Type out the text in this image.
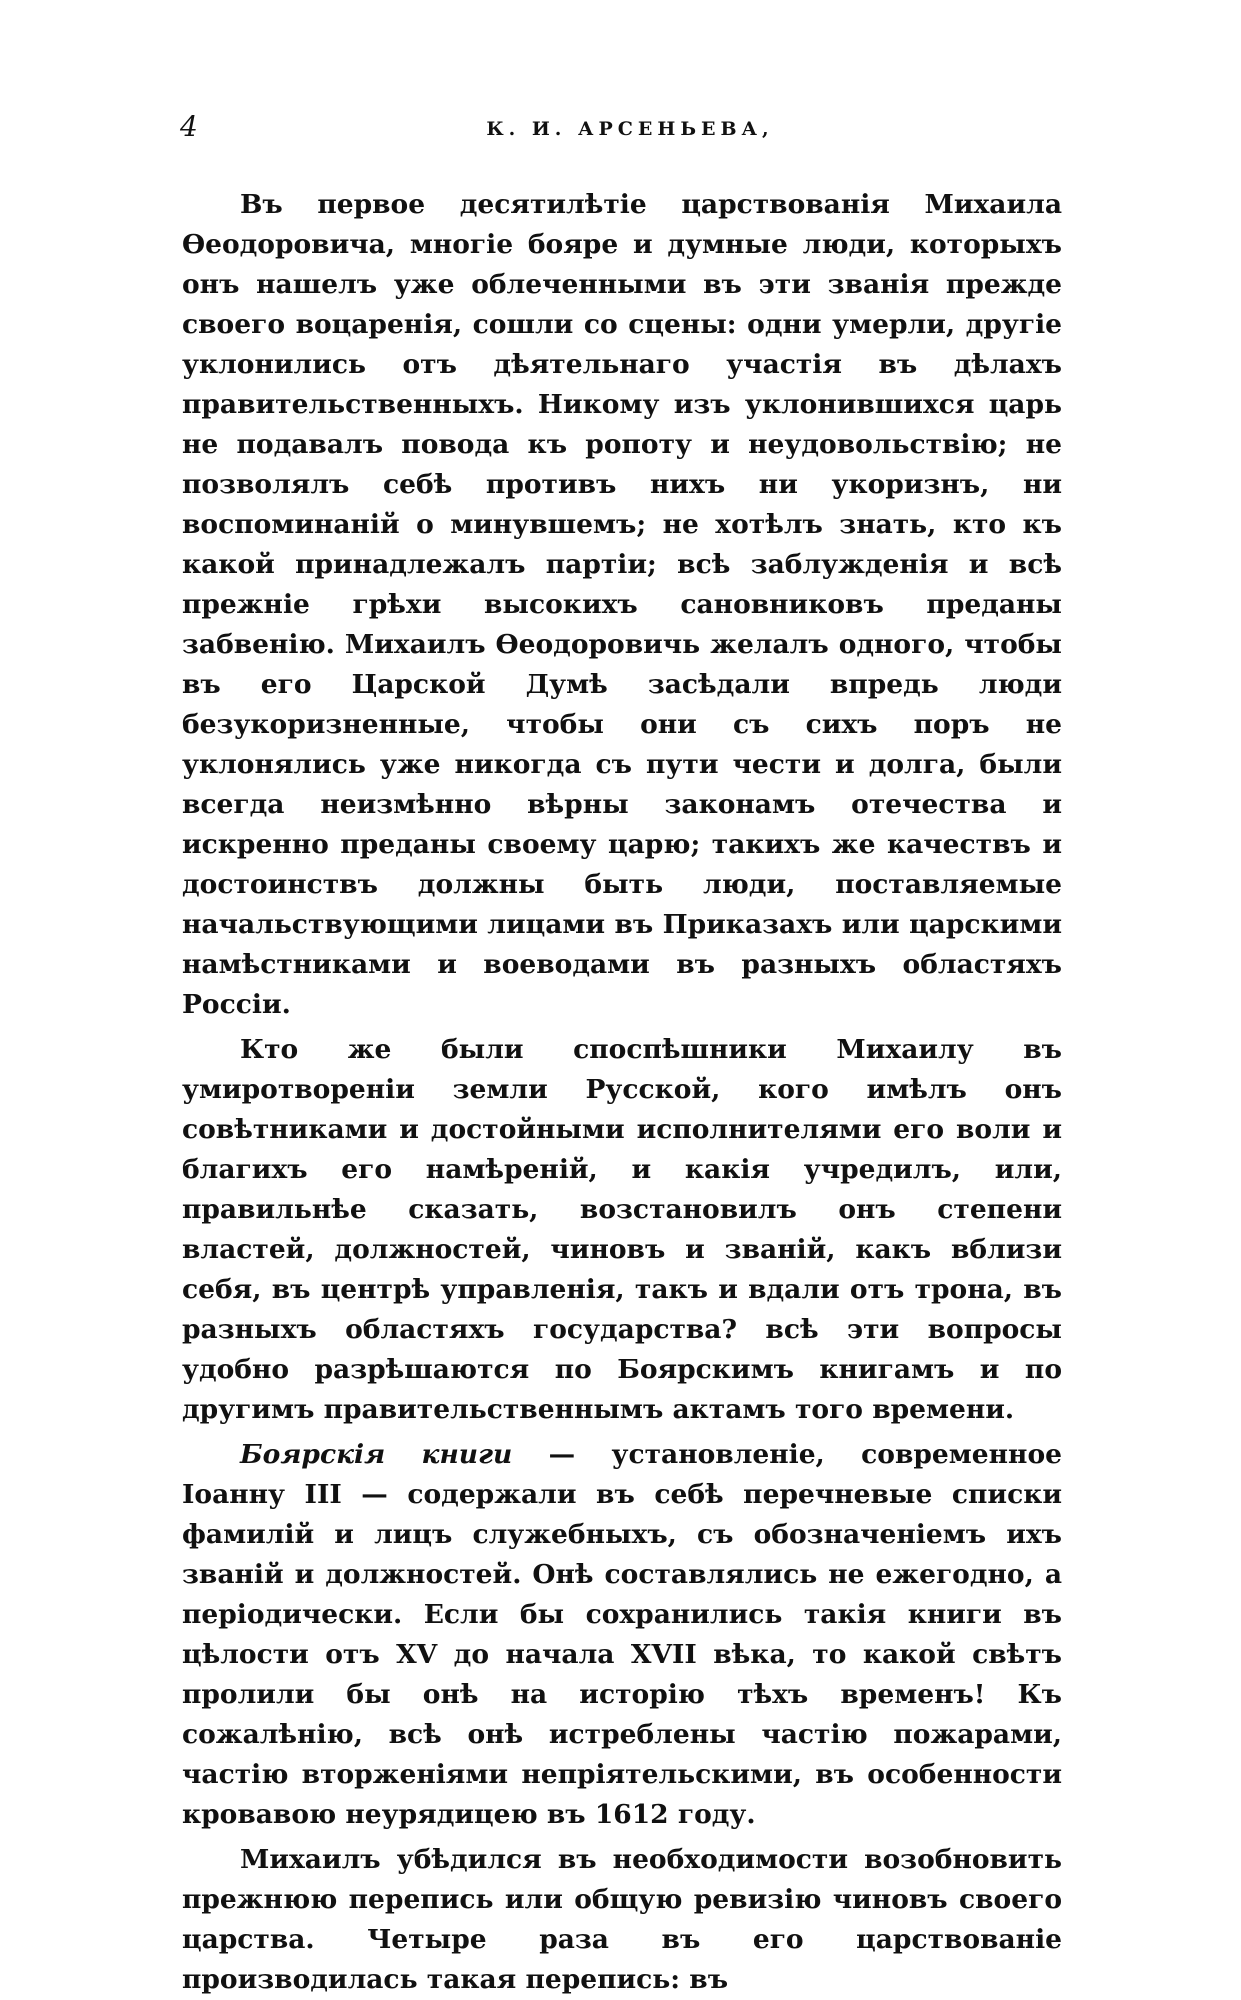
4	К. И. АРСЕНЬЕВА,

Въ первое десятилѣтіе царствованія Михаила Өеодоровича, многіе бояре и думные люди, которыхъ онъ нашелъ уже облеченными въ эти званія прежде своего воцаренія, сошли со сцены: одни умерли, другіе уклонились отъ дѣятельнаго участія въ дѣлахъ правительственныхъ. Никому изъ уклонившихся царь не подавалъ повода къ ропоту и неудовольствію; не позволялъ себѣ противъ нихъ ни укоризнъ, ни воспоминаній о минувшемъ; не хотѣлъ знать, кто къ какой принадлежалъ партіи; всѣ заблужденія и всѣ прежніе грѣхи высокихъ сановниковъ преданы забвенію. Михаилъ Өеодоровичь желалъ одного, чтобы въ его Царской Думѣ засѣдали впредь люди безукоризненные, чтобы они съ сихъ поръ не уклонялись уже никогда съ пути чести и долга, были всегда неизмѣнно вѣрны законамъ отечества и искренно преданы своему царю; такихъ же качествъ и достоинствъ должны быть люди, поставляемые начальствующими лицами въ Приказахъ или царскими намѣстниками и воеводами въ разныхъ областяхъ Россіи.

Кто же были споспѣшники Михаилу въ умиротвореніи земли Русской, кого имѣлъ онъ совѣтниками и достойными исполнителями его воли и благихъ его намѣреній, и какія учредилъ, или, правильнѣе сказать, возстановилъ онъ степени властей, должностей, чиновъ и званій, какъ вблизи себя, въ центрѣ управленія, такъ и вдали отъ трона, въ разныхъ областяхъ государства? всѣ эти вопросы удобно разрѣшаются по Боярскимъ книгамъ и по другимъ правительственнымъ актамъ того времени.

Боярскія книги — установленіе, современное Іоанну III — содержали въ себѣ перечневые списки фамилій и лицъ служебныхъ, съ обозначеніемъ ихъ званій и должностей. Онѣ составлялись не ежегодно, а періодически. Если бы сохранились такія книги въ цѣлости отъ XV до начала XVII вѣка, то какой свѣтъ пролили бы онѣ на исторію тѣхъ временъ! Къ сожалѣнію, всѣ онѣ истреблены частію пожарами, частію вторженіями непріятельскими, въ особенности кровавою неурядицею въ 1612 году.

Михаилъ убѣдился въ необходимости возобновить прежнюю перепись или общую ревизію чиновъ своего царства. Четыре раза въ его царствованіе производилась такая перепись: въ
